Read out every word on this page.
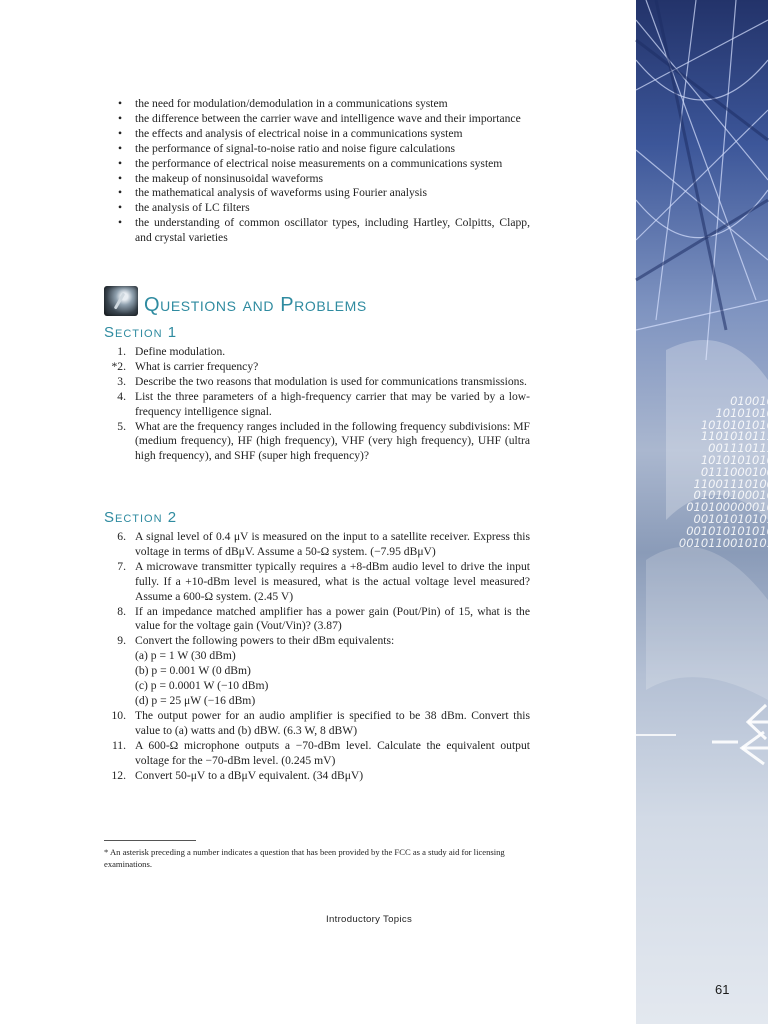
• the need for modulation/demodulation in a communications system
• the difference between the carrier wave and intelligence wave and their importance
• the effects and analysis of electrical noise in a communications system
• the performance of signal-to-noise ratio and noise figure calculations
• the performance of electrical noise measurements on a communications system
• the makeup of nonsinusoidal waveforms
• the mathematical analysis of waveforms using Fourier analysis
• the analysis of LC filters
• the understanding of common oscillator types, including Hartley, Colpitts, Clapp, and crystal varieties
Questions and Problems
Section 1
1. Define modulation.
*2. What is carrier frequency?
3. Describe the two reasons that modulation is used for communications transmissions.
4. List the three parameters of a high-frequency carrier that may be varied by a low-frequency intelligence signal.
5. What are the frequency ranges included in the following frequency subdivisions: MF (medium frequency), HF (high frequency), VHF (very high frequency), UHF (ultra high frequency), and SHF (super high frequency)?
Section 2
6. A signal level of 0.4 μV is measured on the input to a satellite receiver. Express this voltage in terms of dBμV. Assume a 50-Ω system. (−7.95 dBμV)
7. A microwave transmitter typically requires a +8-dBm audio level to drive the input fully. If a +10-dBm level is measured, what is the actual voltage level measured? Assume a 600-Ω system. (2.45 V)
8. If an impedance matched amplifier has a power gain (Pout/Pin) of 15, what is the value for the voltage gain (Vout/Vin)? (3.87)
9. Convert the following powers to their dBm equivalents:
(a) p = 1 W (30 dBm)
(b) p = 0.001 W (0 dBm)
(c) p = 0.0001 W (−10 dBm)
(d) p = 25 μW (−16 dBm)
10. The output power for an audio amplifier is specified to be 38 dBm. Convert this value to (a) watts and (b) dBW. (6.3 W, 8 dBW)
11. A 600-Ω microphone outputs a −70-dBm level. Calculate the equivalent output voltage for the −70-dBm level. (0.245 mV)
12. Convert 50-μV to a dBμV equivalent. (34 dBμV)

* An asterisk preceding a number indicates a question that has been provided by the FCC as a study aid for licensing examinations.

Introductory Topics
010010
10101010
1010101010
1101010111
001110111
1010101010
0111000100
11001110100
01010100010
010100000010
00101010101
001010101010
0010110010101
61
